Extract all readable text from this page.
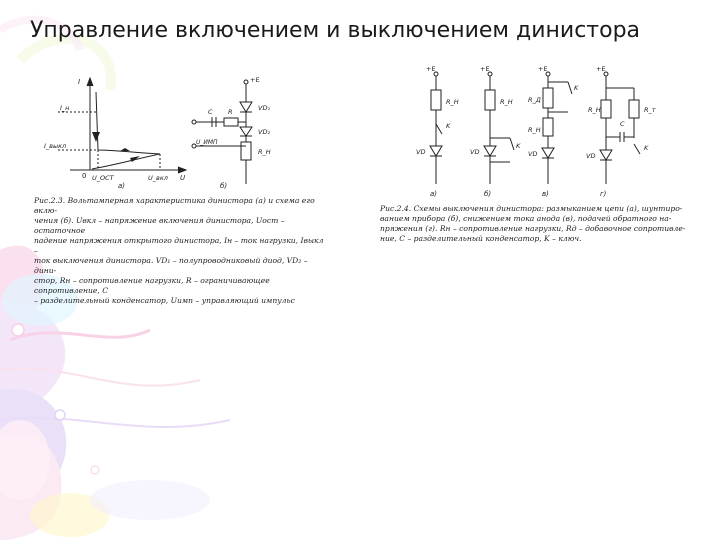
Управление включением и выключением динистора
I
I_н
I_выкл
0 U_ОСТ
a)
U_вкл U
+E
C R	VD₁
VD₂
R_Н
U_ИМП
б)
Рис.2.3. Вольтамперная характеристика динистора (а) и схема его вклю-
чения (б). Uвкл – напряжение включения динистора, Uост – остаточное
падение напряжения открытого динистора, Iн – ток нагрузки, Iвыкл –
ток выключения динистора. VD₁ – полупроводниковый диод, VD₂ – дини-
стор, Rн – сопротивление нагрузки, R – ограничивающее сопротивление, C
– разделительный конденсатор, Uимп – управляющий импульс
+E	+E	+E	+E
R_Н	R_Н R_Д
R_Н
R_Н	R_т
K
K
K
K
C
VD	VD	VD	VD
a)	б)	в)	г)
Рис.2.4. Схемы выключения динистора: размыканием цепи (а), шунтиро-
ванием прибора (б), снижением тока анода (в), подачей обратного на-
пряжения (г). Rн – сопротивление нагрузки, Rд – добавочное сопротивле-
ние, C – разделительный конденсатор, K – ключ.
